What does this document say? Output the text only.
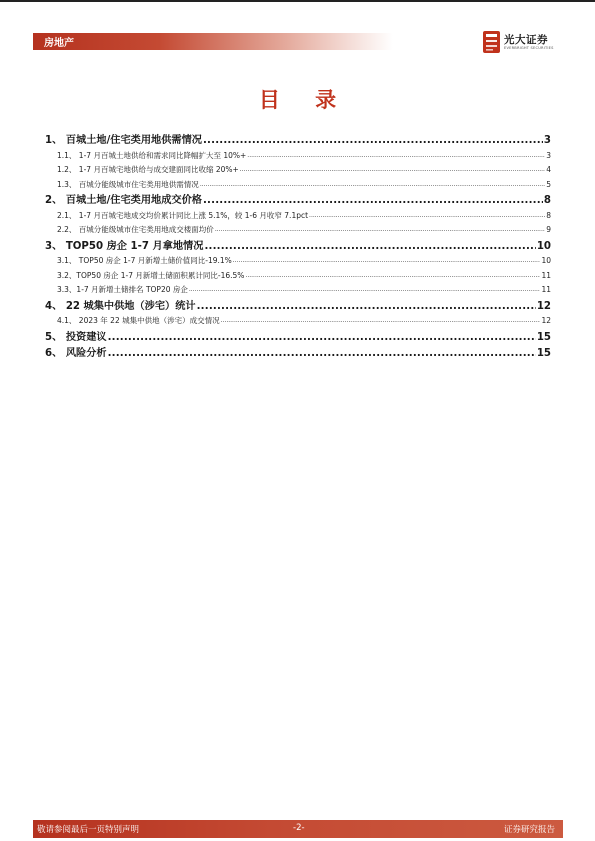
房地产	光大证券
EVERBRIGHT SECURITIES
目 录
1、 百城土地/住宅类用地供需情况 .....	3
1.1、 1-7 月百城土地供给和需求同比降幅扩大至 10%+ .....	3
1.2、 1-7 月百城宅地供给与成交建面同比收缩 20%+ .....	4
1.3、 百城分能级城市住宅类用地供需情况 .....	5
2、 百城土地/住宅类用地成交价格 .....	8
2.1、 1-7 月百城宅地成交均价累计同比上涨 5.1%，较 1-6 月收窄 7.1pct .....	8
2.2、 百城分能级城市住宅类用地成交楼面均价 .....	9
3、 TOP50 房企 1-7 月拿地情况 .....	10
3.1、 TOP50 房企 1-7 月新增土储价值同比-19.1% .....	10
3.2、TOP50 房企 1-7 月新增土储面积累计同比-16.5% .....	11
3.3、1-7 月新增土储排名 TOP20 房企 .....	11
4、 22 城集中供地（涉宅）统计 .....	12
4.1、 2023 年 22 城集中供地（涉宅）成交情况 .....	12
5、 投资建议 .....	15
6、 风险分析 .....	15
敬请参阅最后一页特别声明	-2-	证券研究报告
